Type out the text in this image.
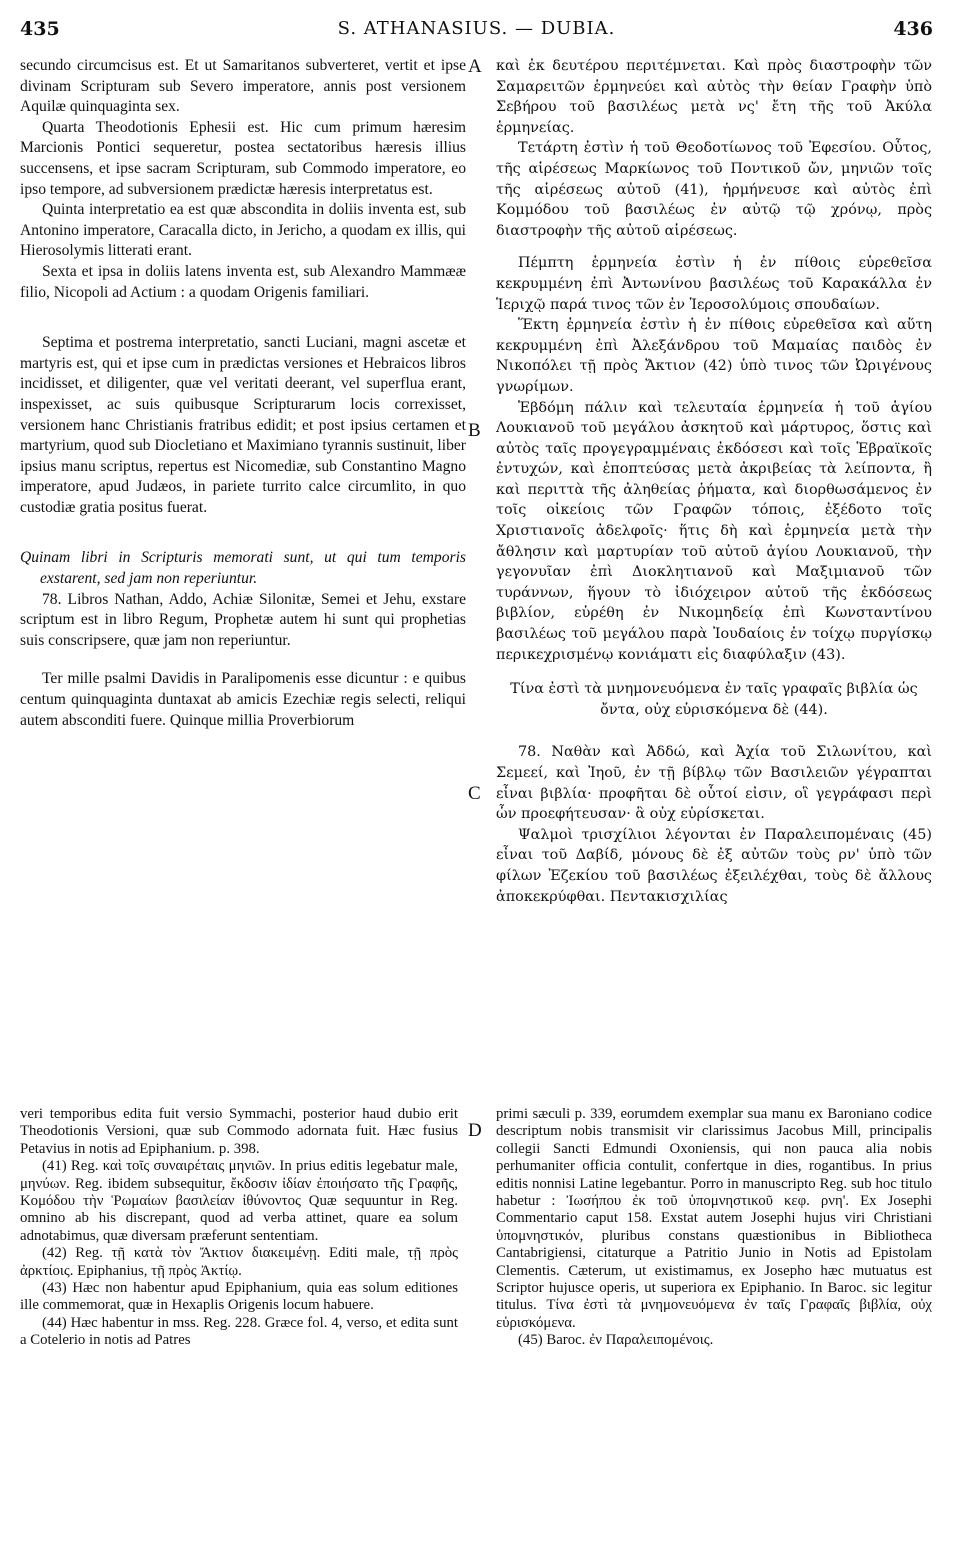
435	S. ATHANASIUS. — DUBIA.	436
A
B
C
D

secundo circumcisus est. Et ut Samaritanos subverteret, vertit et ipse divinam Scripturam sub Severo imperatore, annis post versionem Aquilæ quinquaginta sex.

Quarta Theodotionis Ephesii est. Hic cum primum hæresim Marcionis Pontici sequeretur, postea sectatoribus hæresis illius succensens, et ipse sacram Scripturam, sub Commodo imperatore, eo ipso tempore, ad subversionem prædictæ hæresis interpretatus est.

Quinta interpretatio ea est quæ abscondita in doliis inventa est, sub Antonino imperatore, Caracalla dicto, in Jericho, a quodam ex illis, qui Hierosolymis litterati erant.

Sexta et ipsa in doliis latens inventa est, sub Alexandro Mammææ filio, Nicopoli ad Actium : a quodam Origenis familiari.

Septima et postrema interpretatio, sancti Luciani, magni ascetæ et martyris est, qui et ipse cum in prædictas versiones et Hebraicos libros incidisset, et diligenter, quæ vel veritati deerant, vel superflua erant, inspexisset, ac suis quibusque Scripturarum locis correxisset, versionem hanc Christianis fratribus edidit; et post ipsius certamen et martyrium, quod sub Diocletiano et Maximiano tyrannis sustinuit, liber ipsius manu scriptus, repertus est Nicomediæ, sub Constantino Magno imperatore, apud Judæos, in pariete turrito calce circumlito, in quo custodiæ gratia positus fuerat.

Quinam libri in Scripturis memorati sunt, ut qui tum temporis exstarent, sed jam non reperiuntur.

78. Libros Nathan, Addo, Achiæ Silonitæ, Semei et Jehu, exstare scriptum est in libro Regum, Prophetæ autem hi sunt qui prophetias suis conscripsere, quæ jam non reperiuntur.

Ter mille psalmi Davidis in Paralipomenis esse dicuntur : e quibus centum quinquaginta duntaxat ab amicis Ezechiæ regis selecti, reliqui autem absconditi fuere. Quinque millia Proverbiorum

καὶ ἐκ δευτέρου περιτέμνεται. Καὶ πρὸς διαστροφὴν τῶν Σαμαρειτῶν ἑρμηνεύει καὶ αὐτὸς τὴν θείαν Γραφὴν ὑπὸ Σεβήρου τοῦ βασιλέως μετὰ νς' ἔτη τῆς τοῦ Ἀκύλα ἑρμηνείας.

Τετάρτη ἐστὶν ἡ τοῦ Θεοδοτίωνος τοῦ Ἐφεσίου. Οὗτος, τῆς αἱρέσεως Μαρκίωνος τοῦ Ποντικοῦ ὤν, μηνιῶν τοῖς τῆς αἱρέσεως αὐτοῦ (41), ἡρμήνευσε καὶ αὐτὸς ἐπὶ Κομμόδου τοῦ βασιλέως ἐν αὐτῷ τῷ χρόνῳ, πρὸς διαστροφὴν τῆς αὐτοῦ αἱρέσεως.

Πέμπτη ἑρμηνεία ἐστὶν ἡ ἐν πίθοις εὑρεθεῖσα κεκρυμμένη ἐπὶ Ἀντωνίνου βασιλέως τοῦ Καρακάλλα ἐν Ἱεριχῷ παρά τινος τῶν ἐν Ἱεροσολύμοις σπουδαίων.

Ἕκτη ἑρμηνεία ἐστὶν ἡ ἐν πίθοις εὑρεθεῖσα καὶ αὕτη κεκρυμμένη ἐπὶ Ἀλεξάνδρου τοῦ Μαμαίας παιδὸς ἐν Νικοπόλει τῇ πρὸς Ἄκτιον (42) ὑπὸ τινος τῶν Ὠριγένους γνωρίμων.

Ἑβδόμη πάλιν καὶ τελευταία ἑρμηνεία ἡ τοῦ ἁγίου Λουκιανοῦ τοῦ μεγάλου ἀσκητοῦ καὶ μάρτυρος, ὅστις καὶ αὐτὸς ταῖς προγεγραμμέναις ἐκδόσεσι καὶ τοῖς Ἑβραϊκοῖς ἐντυχών, καὶ ἐποπτεύσας μετὰ ἀκριβείας τὰ λείποντα, ἢ καὶ περιττὰ τῆς ἀληθείας ῥήματα, καὶ διορθωσάμενος ἐν τοῖς οἰκείοις τῶν Γραφῶν τόποις, ἐξέδοτο τοῖς Χριστιανοῖς ἀδελφοῖς· ἥτις δὴ καὶ ἑρμηνεία μετὰ τὴν ἄθλησιν καὶ μαρτυρίαν τοῦ αὐτοῦ ἁγίου Λουκιανοῦ, τὴν γεγονυῖαν ἐπὶ Διοκλητιανοῦ καὶ Μαξιμιανοῦ τῶν τυράννων, ἥγουν τὸ ἰδιόχειρον αὐτοῦ τῆς ἐκδόσεως βιβλίον, εὑρέθη ἐν Νικομηδείᾳ ἐπὶ Κωνσταντίνου βασιλέως τοῦ μεγάλου παρὰ Ἰουδαίοις ἐν τοίχῳ πυργίσκῳ περικεχρισμένῳ κονιάματι εἰς διαφύλαξιν (43).

Τίνα ἐστὶ τὰ μνημονευόμενα ἐν ταῖς γραφαῖς βιβλία ὡς ὄντα, οὐχ εὑρισκόμενα δὲ (44).

78. Ναθὰν καὶ Ἀδδώ, καὶ Ἀχία τοῦ Σιλωνίτου, καὶ Σεμεεί, καὶ Ἰηοῦ, ἐν τῇ βίβλῳ τῶν Βασιλειῶν γέγραπται εἶναι βιβλία· προφῆται δὲ οὗτοί εἰσιν, οἳ γεγράφασι περὶ ὧν προεφήτευσαν· ἃ οὐχ εὑρίσκεται.

Ψαλμοὶ τρισχίλιοι λέγονται ἐν Παραλειπομέναις (45) εἶναι τοῦ Δαβίδ, μόνους δὲ ἐξ αὐτῶν τοὺς ρν' ὑπὸ τῶν φίλων Ἐζεκίου τοῦ βασιλέως ἐξειλέχθαι, τοὺς δὲ ἄλλους ἀποκεκρύφθαι. Πεντακισχιλίας

veri temporibus edita fuit versio Symmachi, posterior haud dubio erit Theodotionis Versioni, quæ sub Commodo adornata fuit. Hæc fusius Petavius in notis ad Epiphanium. p. 398.

(41) Reg. καὶ τοῖς συναιρέταις μηνιῶν. In prius editis legebatur male, μηνύων. Reg. ibidem subsequitur, ἔκδοσιν ἰδίαν ἐποιήσατο τῆς Γραφῆς, Κομόδου τὴν Ῥωμαίων βασιλείαν ἰθύνοντος Quæ sequuntur in Reg. omnino ab his discrepant, quod ad verba attinet, quare ea solum adnotabimus, quæ diversam præferunt sententiam.

(42) Reg. τῇ κατὰ τὸν Ἄκτιον διακειμένῃ. Editi male, τῇ πρὸς ἀρκτίοις. Epiphanius, τῇ πρὸς Ἀκτίῳ.

(43) Hæc non habentur apud Epiphanium, quia eas solum editiones ille commemorat, quæ in Hexaplis Origenis locum habuere.

(44) Hæc habentur in mss. Reg. 228. Græce fol. 4, verso, et edita sunt a Cotelerio in notis ad Patres

primi sæculi p. 339, eorumdem exemplar sua manu ex Baroniano codice descriptum nobis transmisit vir clarissimus Jacobus Mill, principalis collegii Sancti Edmundi Oxoniensis, qui non pauca alia nobis perhumaniter officia contulit, confertque in dies, rogantibus. In prius editis nonnisi Latine legebantur. Porro in manuscripto Reg. sub hoc titulo habetur : Ἰωσήπου ἐκ τοῦ ὑπομνηστικοῦ κεφ. ρνη'. Ex Josephi Commentario caput 158. Exstat autem Josephi hujus viri Christiani ὑπομνηστικόν, pluribus constans quæstionibus in Bibliotheca Cantabrigiensi, citaturque a Patritio Junio in Notis ad Epistolam Clementis. Cæterum, ut existimamus, ex Josepho hæc mutuatus est Scriptor hujusce operis, ut superiora ex Epiphanio. In Baroc. sic legitur titulus. Τίνα ἐστὶ τὰ μνημονευόμενα ἐν ταῖς Γραφαῖς βιβλία, οὐχ εὑρισκόμενα.

(45) Baroc. ἐν Παραλειπομένοις.
